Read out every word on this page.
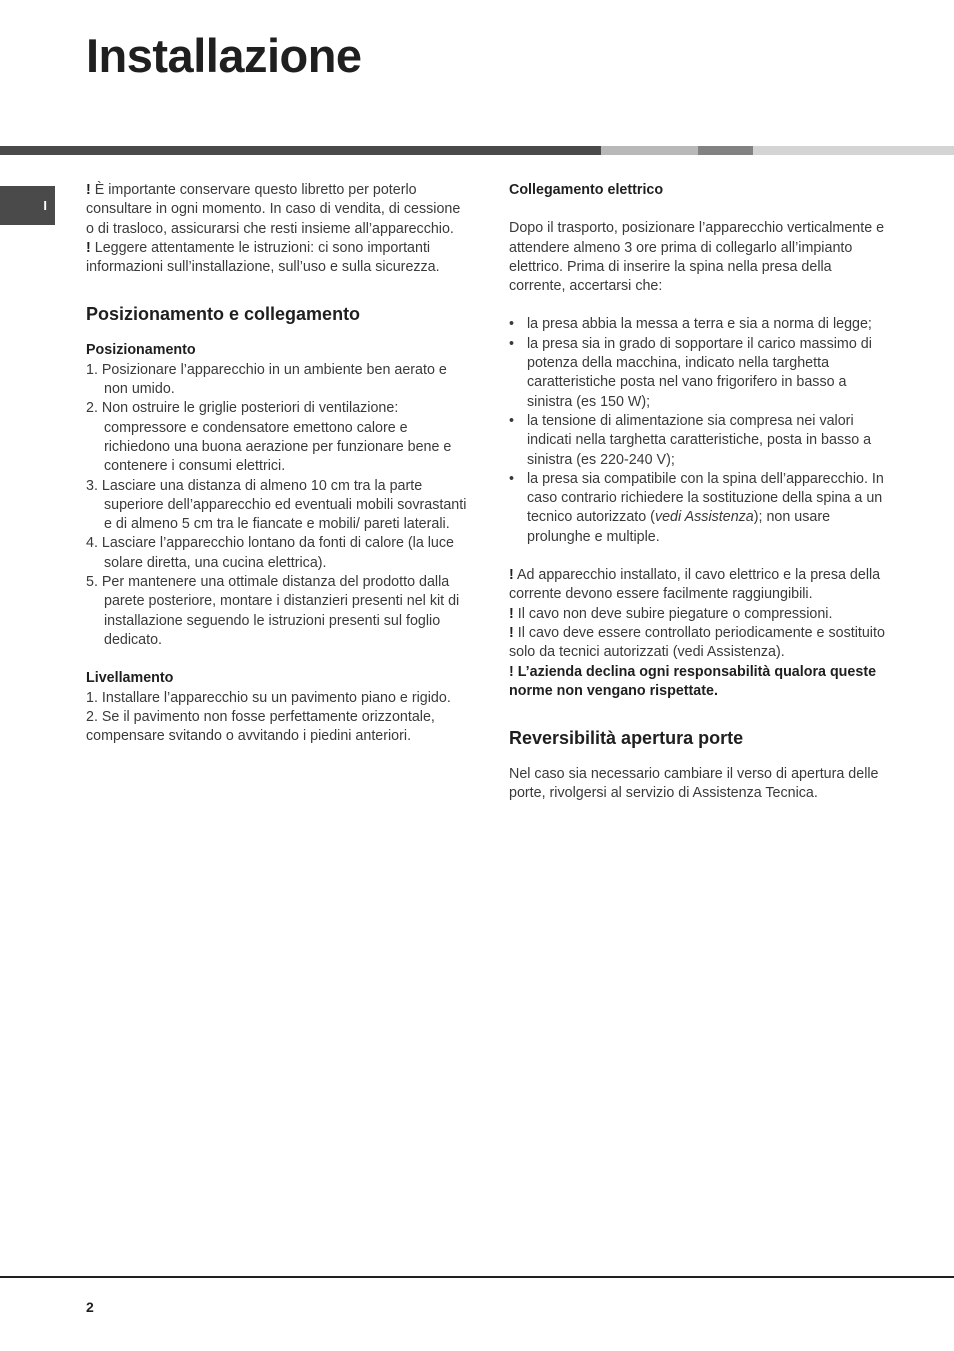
Installazione
I

! È importante conservare questo libretto per poterlo consultare in ogni momento. In caso di vendita, di cessione o di trasloco, assicurarsi che resti insieme all’apparecchio.

! Leggere attentamente le istruzioni: ci sono importanti informazioni sull’installazione, sull’uso e sulla sicurezza.

Posizionamento e collegamento
Posizionamento
1. Posizionare l’apparecchio in un ambiente ben aerato e non umido.
2. Non ostruire le griglie posteriori di ventilazione: compressore e condensatore emettono calore e richiedono una buona aerazione per funzionare bene e contenere i consumi elettrici.
3. Lasciare una distanza di almeno 10 cm tra la parte superiore dell’apparecchio ed eventuali mobili sovrastanti e di almeno 5 cm tra le fiancate e mobili/ pareti laterali.
4. Lasciare l’apparecchio lontano da fonti di calore (la luce solare diretta, una cucina elettrica).
5. Per mantenere una ottimale distanza del prodotto dalla parete posteriore, montare i distanzieri presenti nel kit di installazione seguendo le istruzioni presenti sul foglio dedicato.
Livellamento

1. Installare l’apparecchio su un pavimento piano e rigido.

2. Se il pavimento non fosse perfettamente orizzontale, compensare svitando o avvitando i piedini anteriori.

Collegamento elettrico

Dopo il trasporto, posizionare l’apparecchio verticalmente e attendere almeno 3 ore prima di collegarlo all’impianto elettrico. Prima di inserire la spina nella presa della corrente, accertarsi che:

• la presa abbia la messa a terra e sia a norma di legge;
• la presa sia in grado di sopportare il carico massimo di potenza della macchina, indicato nella targhetta caratteristiche posta nel vano frigorifero in basso a sinistra (es 150 W);
• la tensione di alimentazione sia compresa nei valori indicati nella targhetta caratteristiche, posta in basso a sinistra (es 220-240 V);
• la presa sia compatibile con la spina dell’apparecchio. In caso contrario richiedere la sostituzione della spina a un tecnico autorizzato (vedi Assistenza); non usare prolunghe e multiple.

! Ad apparecchio installato, il cavo elettrico e la presa della corrente devono essere facilmente raggiungibili.

! Il cavo non deve subire piegature o compressioni.

! Il cavo deve essere controllato periodicamente e sostituito solo da tecnici autorizzati (vedi Assistenza).

! L’azienda declina ogni responsabilità qualora queste norme non vengano rispettate.

Reversibilità apertura porte

Nel caso sia necessario cambiare il verso di apertura delle porte, rivolgersi al servizio di Assistenza Tecnica.

2
